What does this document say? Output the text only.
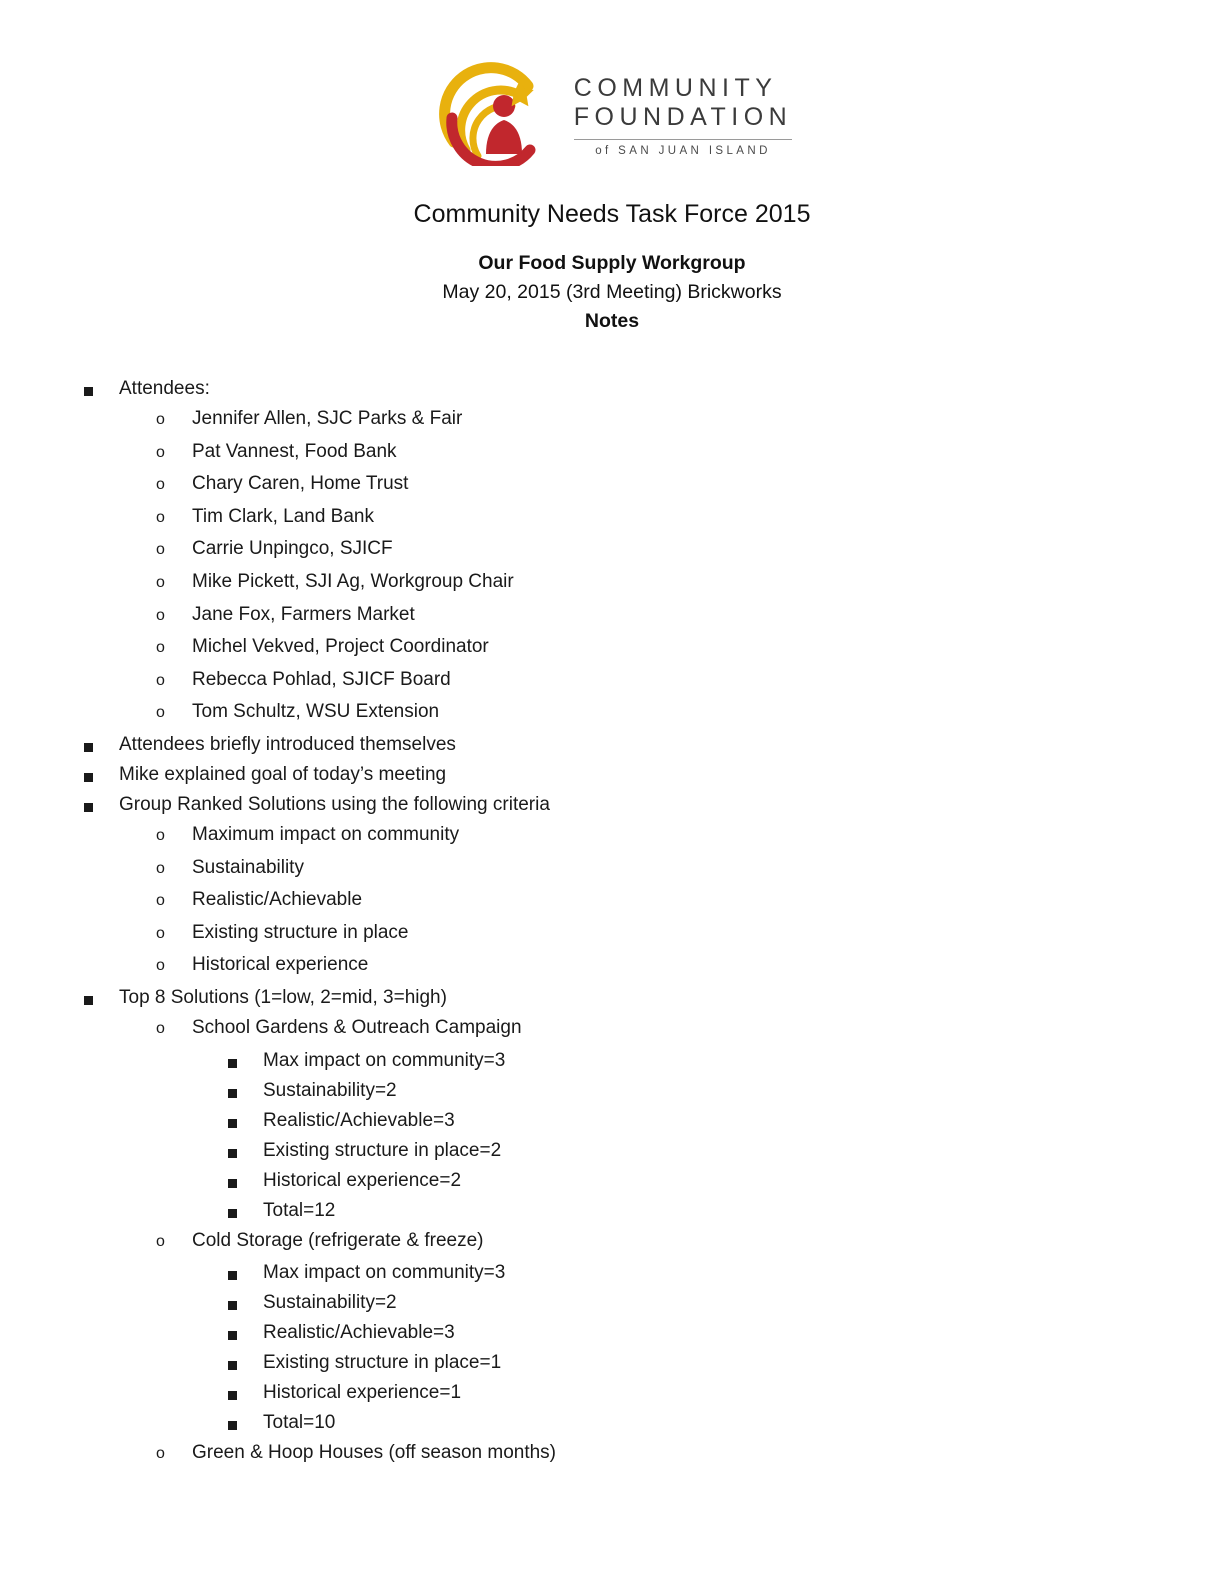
COMMUNITY
FOUNDATION
of SAN JUAN ISLAND
Community Needs Task Force 2015
Our Food Supply Workgroup
May 20, 2015 (3rd Meeting) Brickworks
Notes
Attendees:
o Jennifer Allen, SJC Parks & Fair
o Pat Vannest, Food Bank
o Chary Caren, Home Trust
o Tim Clark, Land Bank
o Carrie Unpingco, SJICF
o Mike Pickett, SJI Ag, Workgroup Chair
o Jane Fox, Farmers Market
o Michel Vekved, Project Coordinator
o Rebecca Pohlad, SJICF Board
o Tom Schultz, WSU Extension
Attendees briefly introduced themselves
Mike explained goal of today’s meeting
Group Ranked Solutions using the following criteria
o Maximum impact on community
o Sustainability
o Realistic/Achievable
o Existing structure in place
o Historical experience
Top 8 Solutions (1=low, 2=mid, 3=high)
o School Gardens & Outreach Campaign
Max impact on community=3
Sustainability=2
Realistic/Achievable=3
Existing structure in place=2
Historical experience=2
Total=12
o Cold Storage (refrigerate & freeze)
Max impact on community=3
Sustainability=2
Realistic/Achievable=3
Existing structure in place=1
Historical experience=1
Total=10
o Green & Hoop Houses (off season months)
